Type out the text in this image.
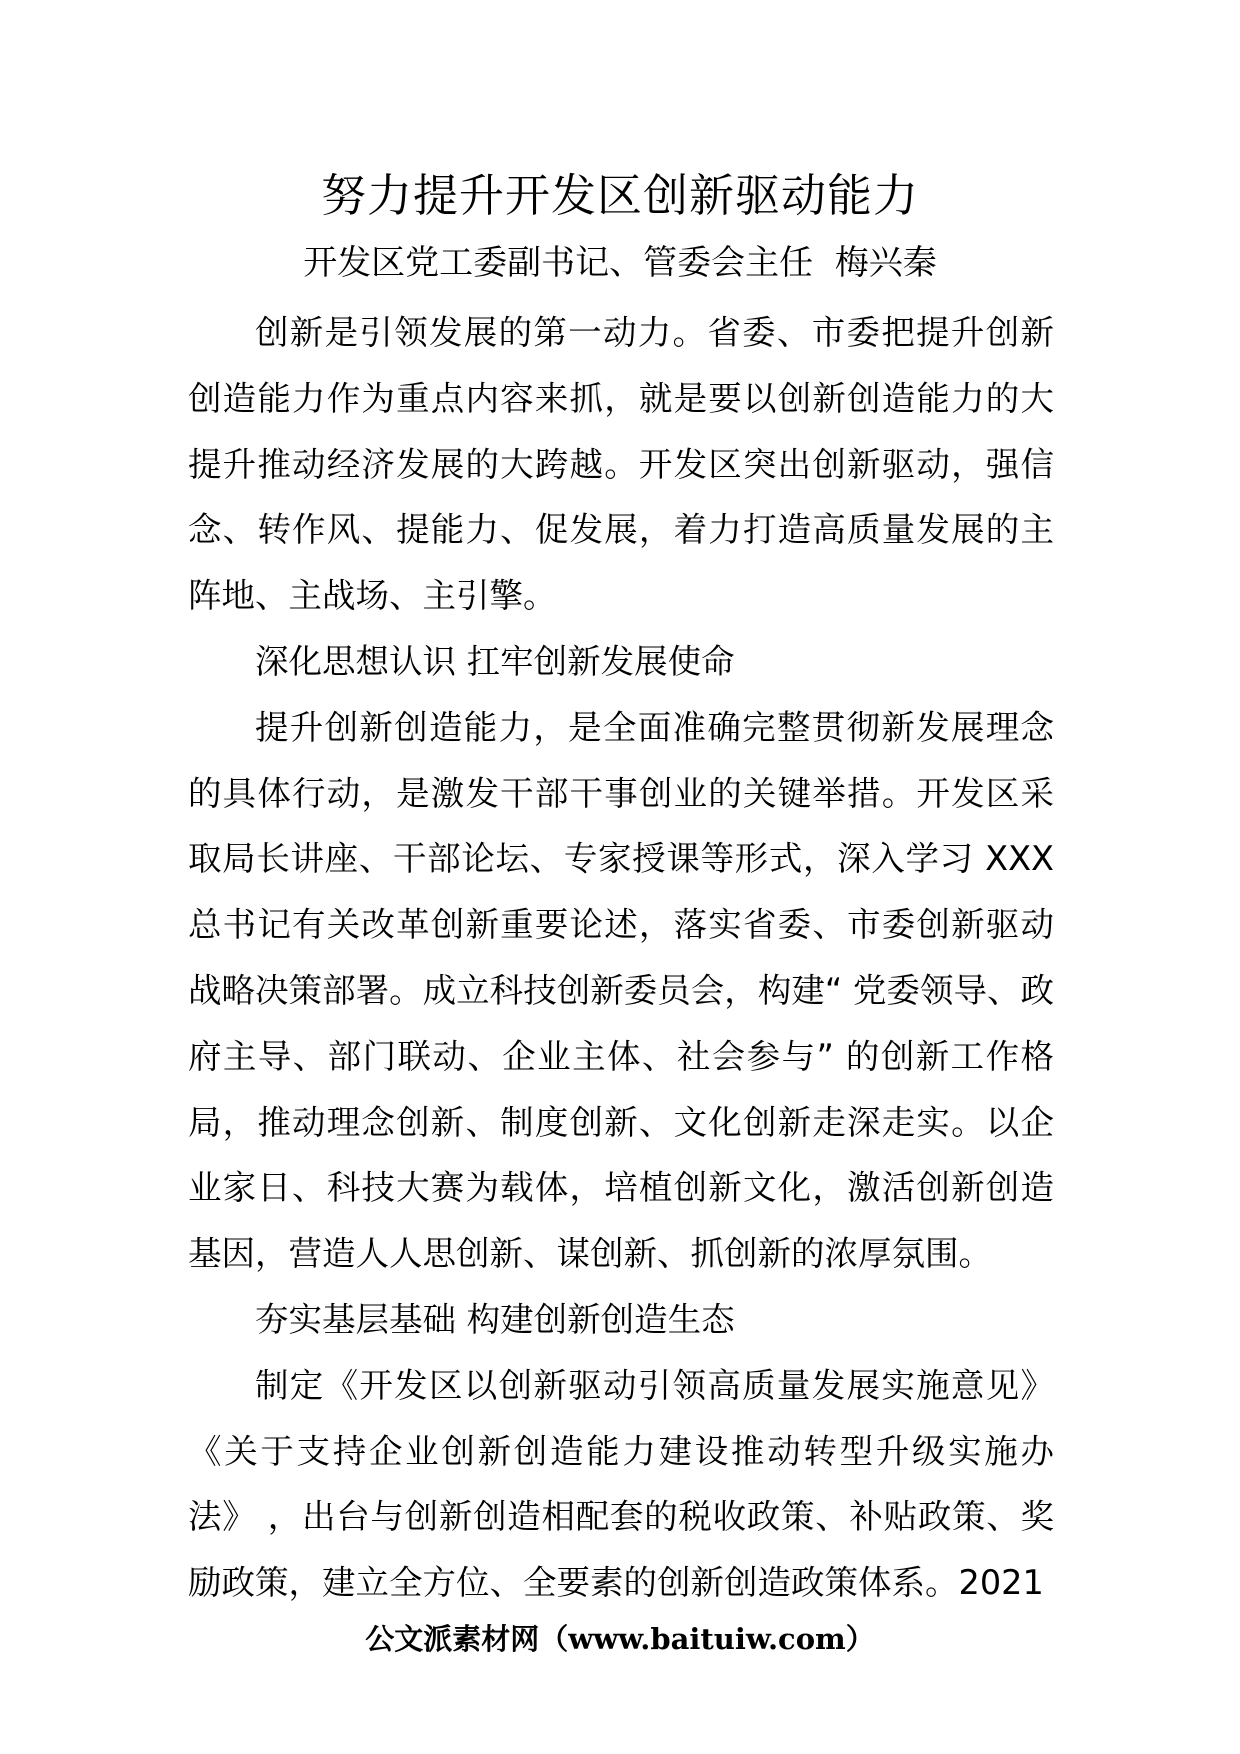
努力提升开发区创新驱动能力
开发区党工委副书记、管委会主任  梅兴秦

创新是引领发展的第一动力。省委、市委把提升创新创造能力作为重点内容来抓，就是要以创新创造能力的大提升推动经济发展的大跨越。开发区突出创新驱动，强信念、转作风、提能力、促发展，着力打造高质量发展的主阵地、主战场、主引擎。

深化思想认识 扛牢创新发展使命

提升创新创造能力，是全面准确完整贯彻新发展理念的具体行动，是激发干部干事创业的关键举措。开发区采取局长讲座、干部论坛、专家授课等形式，深入学习 XXX 总书记有关改革创新重要论述，落实省委、市委创新驱动战略决策部署。成立科技创新委员会，构建“ 党委领导、政府主导、部门联动、企业主体、社会参与” 的创新工作格局，推动理念创新、制度创新、文化创新走深走实。以企业家日、科技大赛为载体，培植创新文化，激活创新创造基因，营造人人思创新、谋创新、抓创新的浓厚氛围。

夯实基层基础 构建创新创造生态

制定《开发区以创新驱动引领高质量发展实施意见》《关于支持企业创新创造能力建设推动转型升级实施办法》 ，出台与创新创造相配套的税收政策、补贴政策、奖励政策，建立全方位、全要素的创新创造政策体系。2021

公文派素材网（www.baituiw.com）
